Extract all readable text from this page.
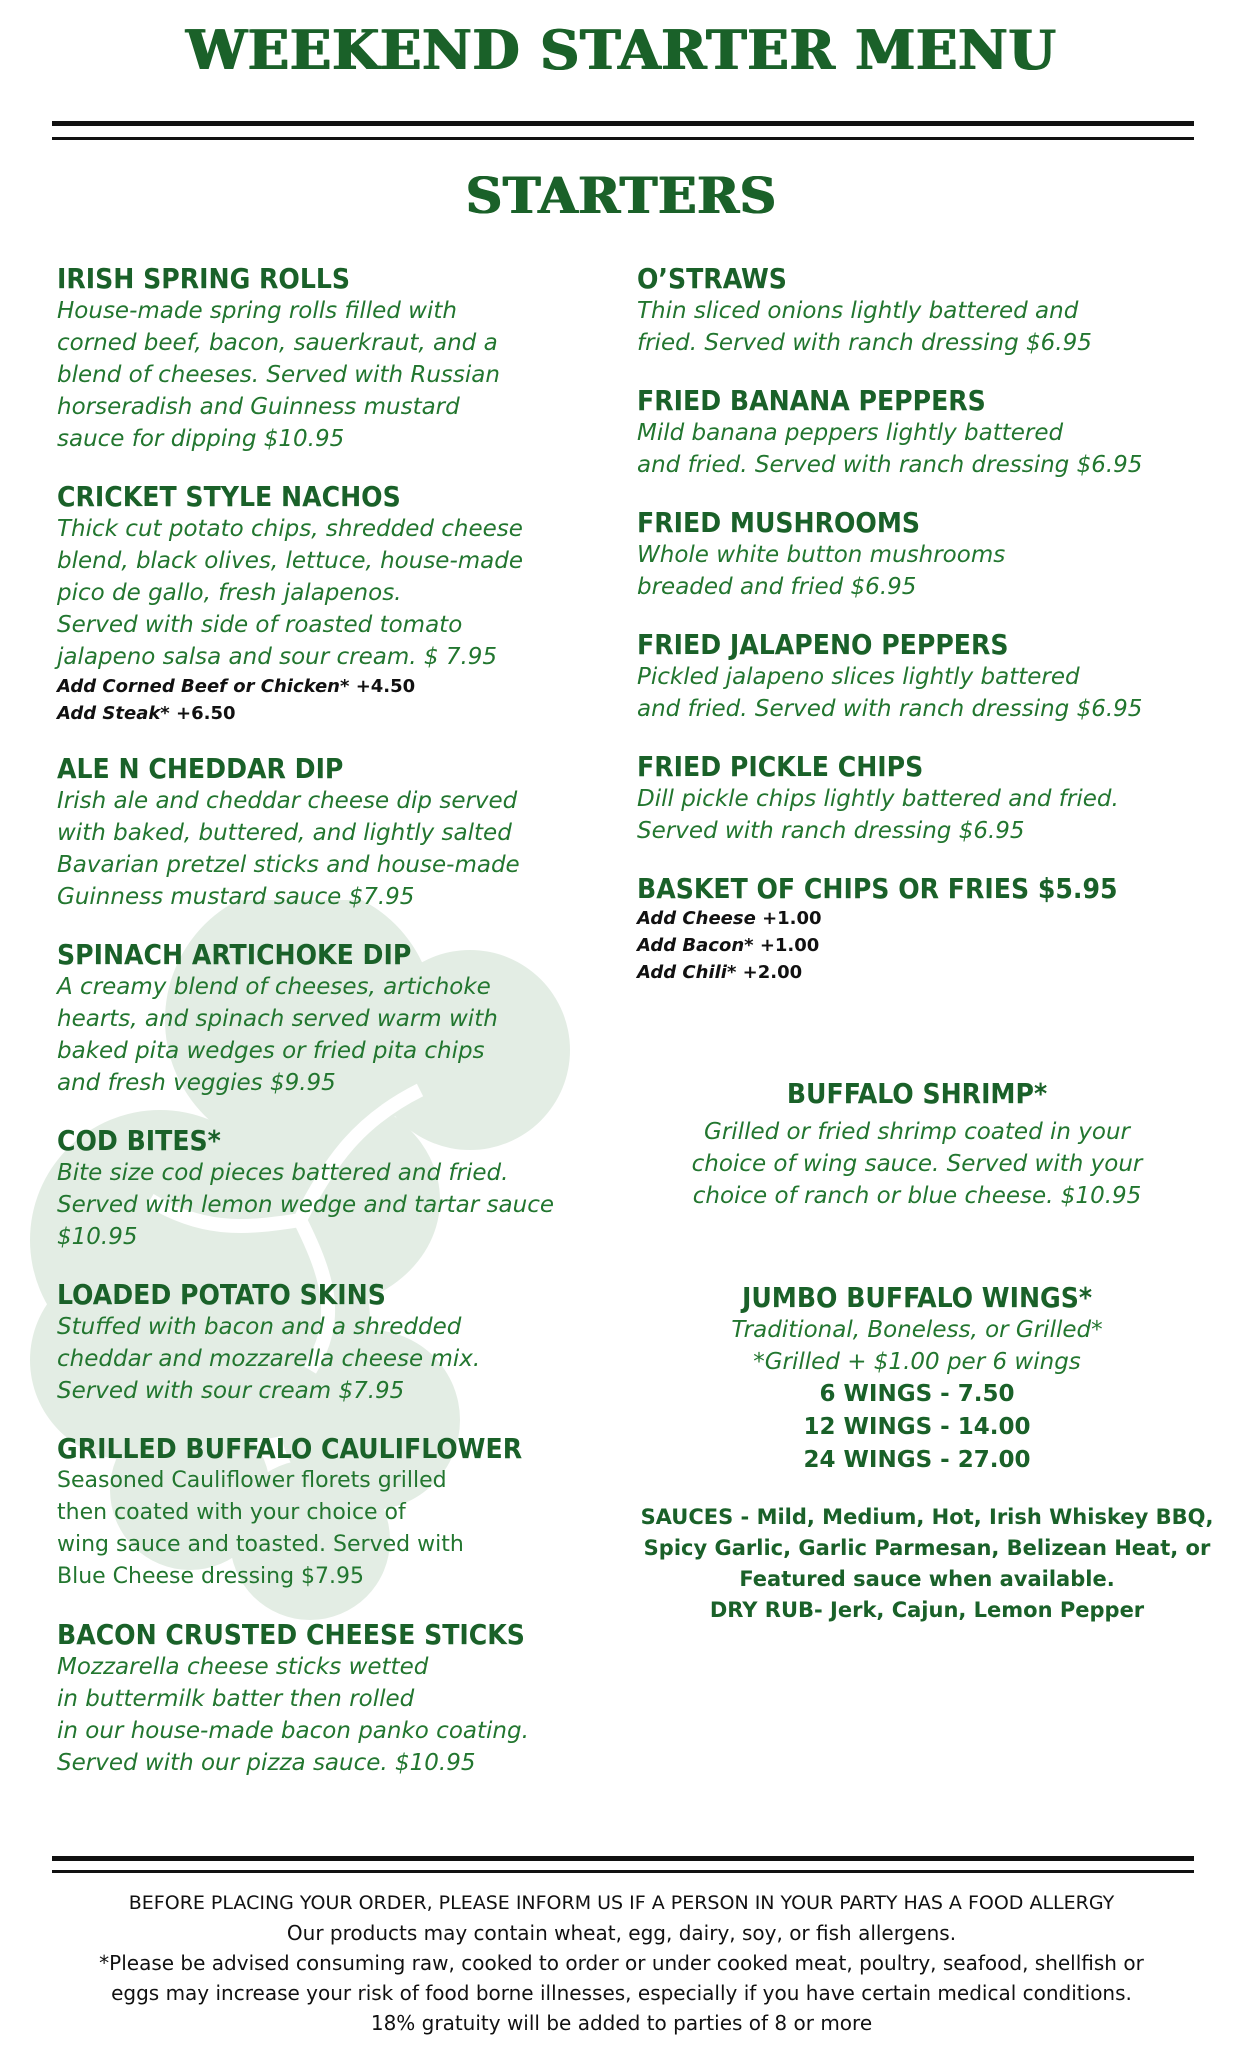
WEEKEND STARTER MENU
STARTERS
IRISH SPRING ROLLS
House-made spring rolls filled with
corned beef, bacon, sauerkraut, and a
blend of cheeses. Served with Russian
horseradish and Guinness mustard
sauce for dipping $10.95
CRICKET STYLE NACHOS
Thick cut potato chips, shredded cheese
blend, black olives, lettuce, house-made
pico de gallo, fresh jalapenos.
Served with side of roasted tomato
jalapeno salsa and sour cream. $ 7.95
Add Corned Beef or Chicken* +4.50
Add Steak* +6.50
ALE N CHEDDAR DIP
Irish ale and cheddar cheese dip served
with baked, buttered, and lightly salted
Bavarian pretzel sticks and house-made
Guinness mustard sauce $7.95
SPINACH ARTICHOKE DIP
A creamy blend of cheeses, artichoke
hearts, and spinach served warm with
baked pita wedges or fried pita chips
and fresh veggies $9.95
COD BITES*
Bite size cod pieces battered and fried.
Served with lemon wedge and tartar sauce
$10.95
LOADED POTATO SKINS
Stuffed with bacon and a shredded
cheddar and mozzarella cheese mix.
Served with sour cream $7.95
GRILLED BUFFALO CAULIFLOWER
Seasoned Cauliflower florets grilled
then coated with your choice of
wing sauce and toasted. Served with
Blue Cheese dressing $7.95
BACON CRUSTED CHEESE STICKS
Mozzarella cheese sticks wetted
in buttermilk batter then rolled
in our house-made bacon panko coating.
Served with our pizza sauce. $10.95
O’STRAWS
Thin sliced onions lightly battered and
fried. Served with ranch dressing $6.95
FRIED BANANA PEPPERS
Mild banana peppers lightly battered
and fried. Served with ranch dressing $6.95
FRIED MUSHROOMS
Whole white button mushrooms
breaded and fried $6.95
FRIED JALAPENO PEPPERS
Pickled jalapeno slices lightly battered
and fried. Served with ranch dressing $6.95
FRIED PICKLE CHIPS
Dill pickle chips lightly battered and fried.
Served with ranch dressing $6.95
BASKET OF CHIPS OR FRIES $5.95
Add Cheese +1.00
Add Bacon* +1.00
Add Chili* +2.00
BUFFALO SHRIMP*
Grilled or fried shrimp coated in your
choice of wing sauce. Served with your
choice of ranch or blue cheese. $10.95
JUMBO BUFFALO WINGS*
Traditional, Boneless, or Grilled*
*Grilled + $1.00 per 6 wings
6 WINGS - 7.50
12 WINGS - 14.00
24 WINGS - 27.00
SAUCES - Mild, Medium, Hot, Irish Whiskey BBQ,
Spicy Garlic, Garlic Parmesan, Belizean Heat, or
Featured sauce when available.
DRY RUB- Jerk, Cajun, Lemon Pepper
BEFORE PLACING YOUR ORDER, PLEASE INFORM US IF A PERSON IN YOUR PARTY HAS A FOOD ALLERGY
Our products may contain wheat, egg, dairy, soy, or fish allergens.
*Please be advised consuming raw, cooked to order or under cooked meat, poultry, seafood, shellfish or
eggs may increase your risk of food borne illnesses, especially if you have certain medical conditions.
18% gratuity will be added to parties of 8 or more
